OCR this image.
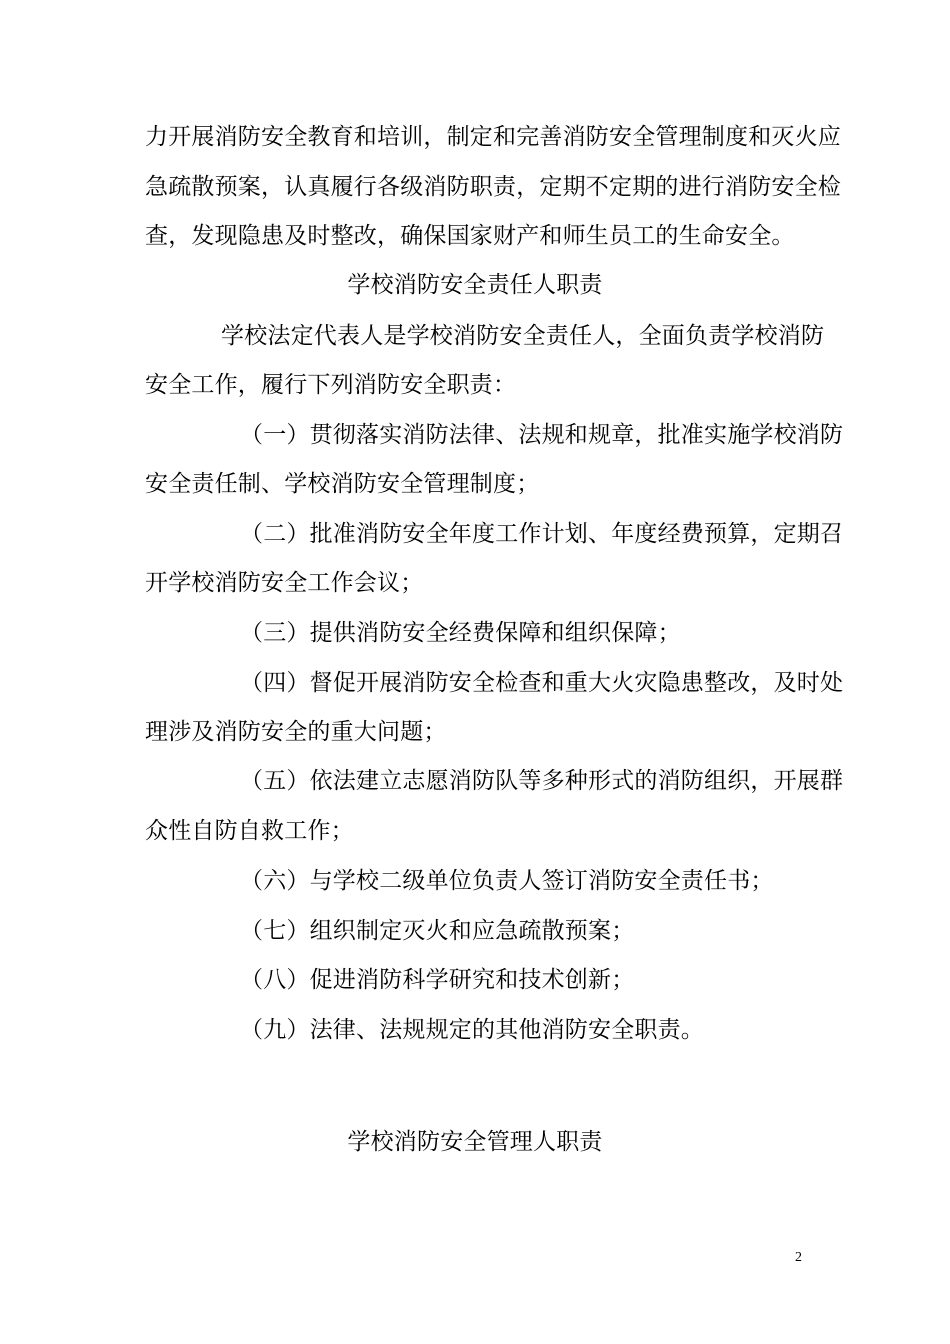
力开展消防安全教育和培训，制定和完善消防安全管理制度和灭火应
急疏散预案，认真履行各级消防职责，定期不定期的进行消防安全检
查，发现隐患及时整改，确保国家财产和师生员工的生命安全。
学校消防安全责任人职责
学校法定代表人是学校消防安全责任人，全面负责学校消防
安全工作，履行下列消防安全职责：
（一）贯彻落实消防法律、法规和规章，批准实施学校消防
安全责任制、学校消防安全管理制度；
（二）批准消防安全年度工作计划、年度经费预算，定期召
开学校消防安全工作会议；
（三）提供消防安全经费保障和组织保障；
（四）督促开展消防安全检查和重大火灾隐患整改，及时处
理涉及消防安全的重大问题；
（五）依法建立志愿消防队等多种形式的消防组织，开展群
众性自防自救工作；
（六）与学校二级单位负责人签订消防安全责任书；
（七）组织制定灭火和应急疏散预案；
（八）促进消防科学研究和技术创新；
（九）法律、法规规定的其他消防安全职责。
学校消防安全管理人职责
2
